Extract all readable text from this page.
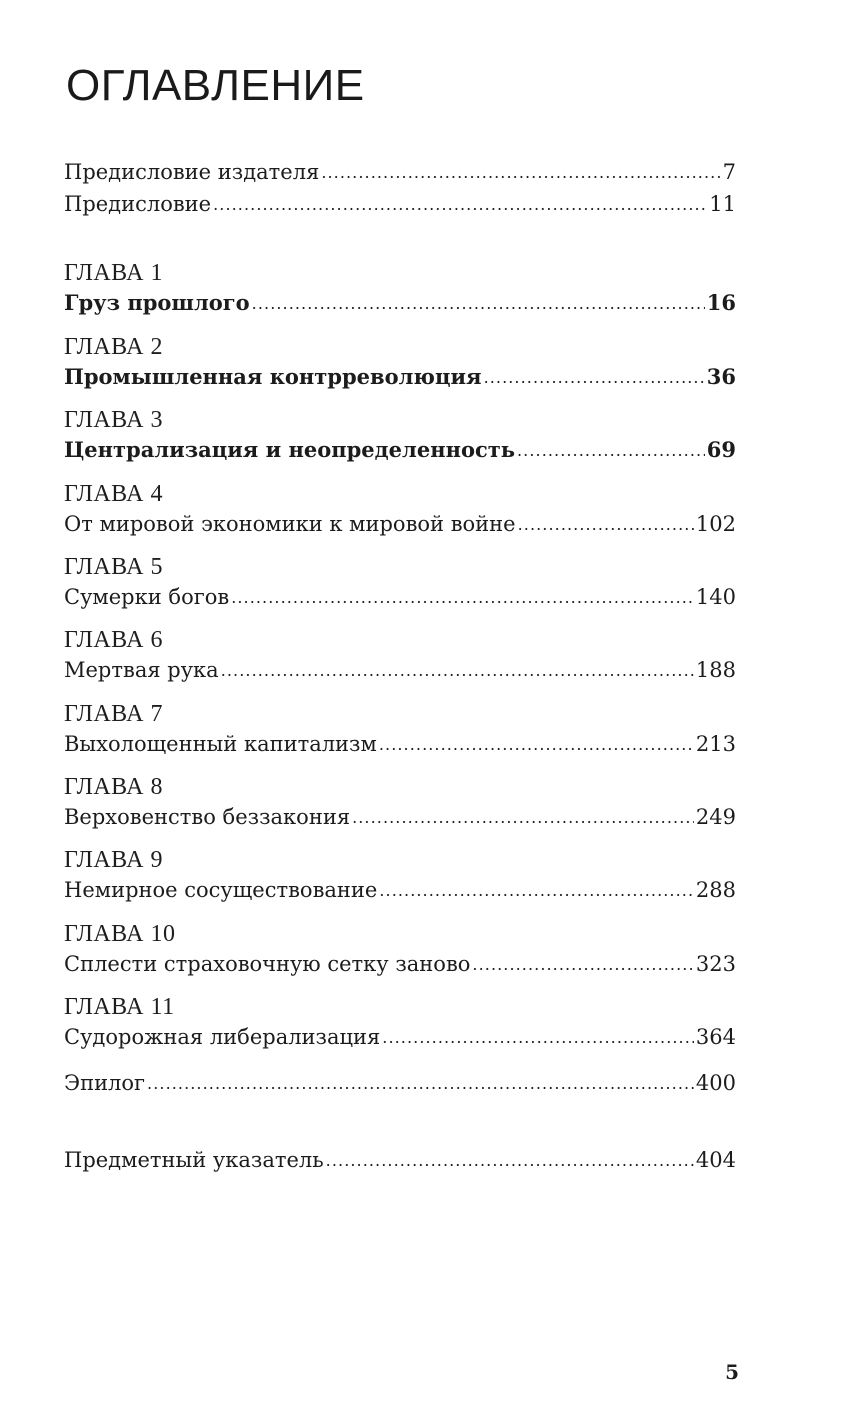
ОГЛАВЛЕНИЕ
Предисловие издателя . . .	7
Предисловие . . .	11
ГЛАВА 1
Груз прошлого . . .	16
ГЛАВА 2
Промышленная контрреволюция . . .	36
ГЛАВА 3
Централизация и неопределенность . . .	69
ГЛАВА 4
От мировой экономики к мировой войне . . .	102
ГЛАВА 5
Сумерки богов . . .	140
ГЛАВА 6
Мертвая рука . . .	188
ГЛАВА 7
Выхолощенный капитализм . . .	213
ГЛАВА 8
Верховенство беззакония . . .	249
ГЛАВА 9
Немирное сосуществование . . .	288
ГЛАВА 10
Сплести страховочную сетку заново . . .	323
ГЛАВА 11
Судорожная либерализация . . .	364
Эпилог . . .	400
Предметный указатель . . .	404
5
